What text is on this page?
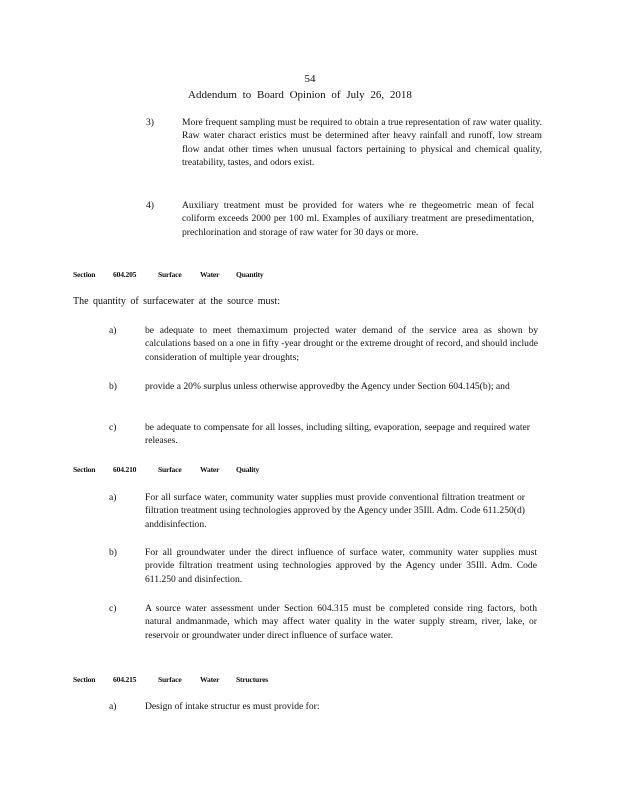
54
Addendum to Board Opinion of July 26, 2018
3)	More frequent sampling must be required to obtain a true representation of raw water quality. Raw water charact eristics must be determined after heavy rainfall and runoff, low stream flow andat other times when unusual factors pertaining to physical and chemical quality, treatability, tastes, and odors exist.
4)	Auxiliary treatment must be provided for waters whe re thegeometric mean of fecal coliform exceeds 2000 per 100 ml. Examples of auxiliary treatment are presedimentation, prechlorination and storage of raw water for 30 days or more.
Section 604.205	Surface Water Quantity
The quantity of surfacewater at the source must:
a)	be adequate to meet themaximum projected water demand of the service area as shown by calculations based on a one in fifty -year drought or the extreme drought of record, and should include consideration of multiple year droughts;
b)	provide a 20% surplus unless otherwise approvedby the Agency under Section 604.145(b); and
c)	be adequate to compensate for all losses, including silting, evaporation, seepage and required water releases.
Section 604.210	Surface Water Quality
a)	For all surface water, community water supplies must provide conventional filtration treatment or filtration treatment using technologies approved by the Agency under 35Ill. Adm. Code 611.250(d) anddisinfection.
b)	For all groundwater under the direct influence of surface water, community water supplies must provide filtration treatment using technologies approved by the Agency under 35Ill. Adm. Code 611.250 and disinfection.
c)	A source water assessment under Section 604.315 must be completed conside ring factors, both natural andmanmade, which may affect water quality in the water supply stream, river, lake, or reservoir or groundwater under direct influence of surface water.
Section 604.215	Surface Water Structures
a)	Design of intake structur es must provide for:
